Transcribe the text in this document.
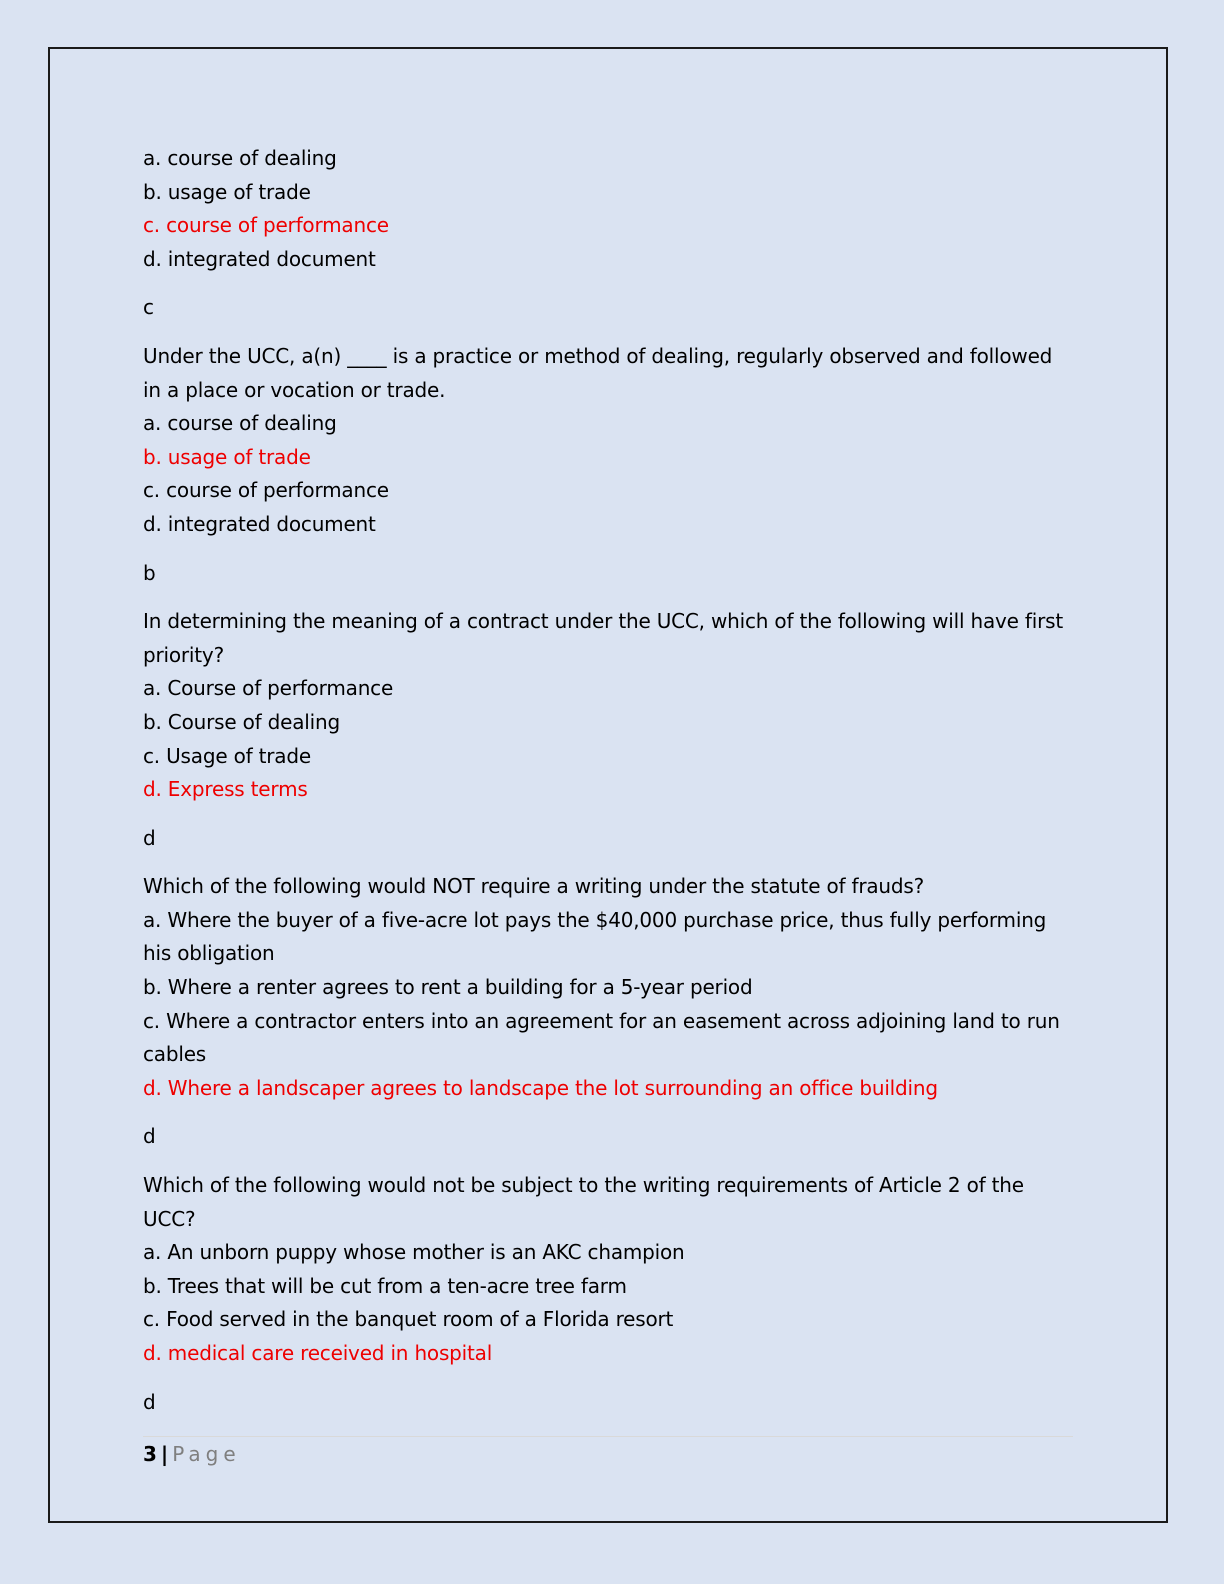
a. course of dealing

b. usage of trade

c. course of performance

d. integrated document

c

Under the UCC, a(n) ____ is a practice or method of dealing, regularly observed and followed in a place or vocation or trade.

a. course of dealing

b. usage of trade

c. course of performance

d. integrated document

b

In determining the meaning of a contract under the UCC, which of the following will have first priority?

a. Course of performance

b. Course of dealing

c. Usage of trade

d. Express terms

d

Which of the following would NOT require a writing under the statute of frauds?

a. Where the buyer of a five-acre lot pays the $40,000 purchase price, thus fully performing his obligation

b. Where a renter agrees to rent a building for a 5-year period

c. Where a contractor enters into an agreement for an easement across adjoining land to run cables

d. Where a landscaper agrees to landscape the lot surrounding an office building

d

Which of the following would not be subject to the writing requirements of Article 2 of the UCC?

a. An unborn puppy whose mother is an AKC champion

b. Trees that will be cut from a ten-acre tree farm

c. Food served in the banquet room of a Florida resort

d. medical care received in hospital

d

3 | Page
